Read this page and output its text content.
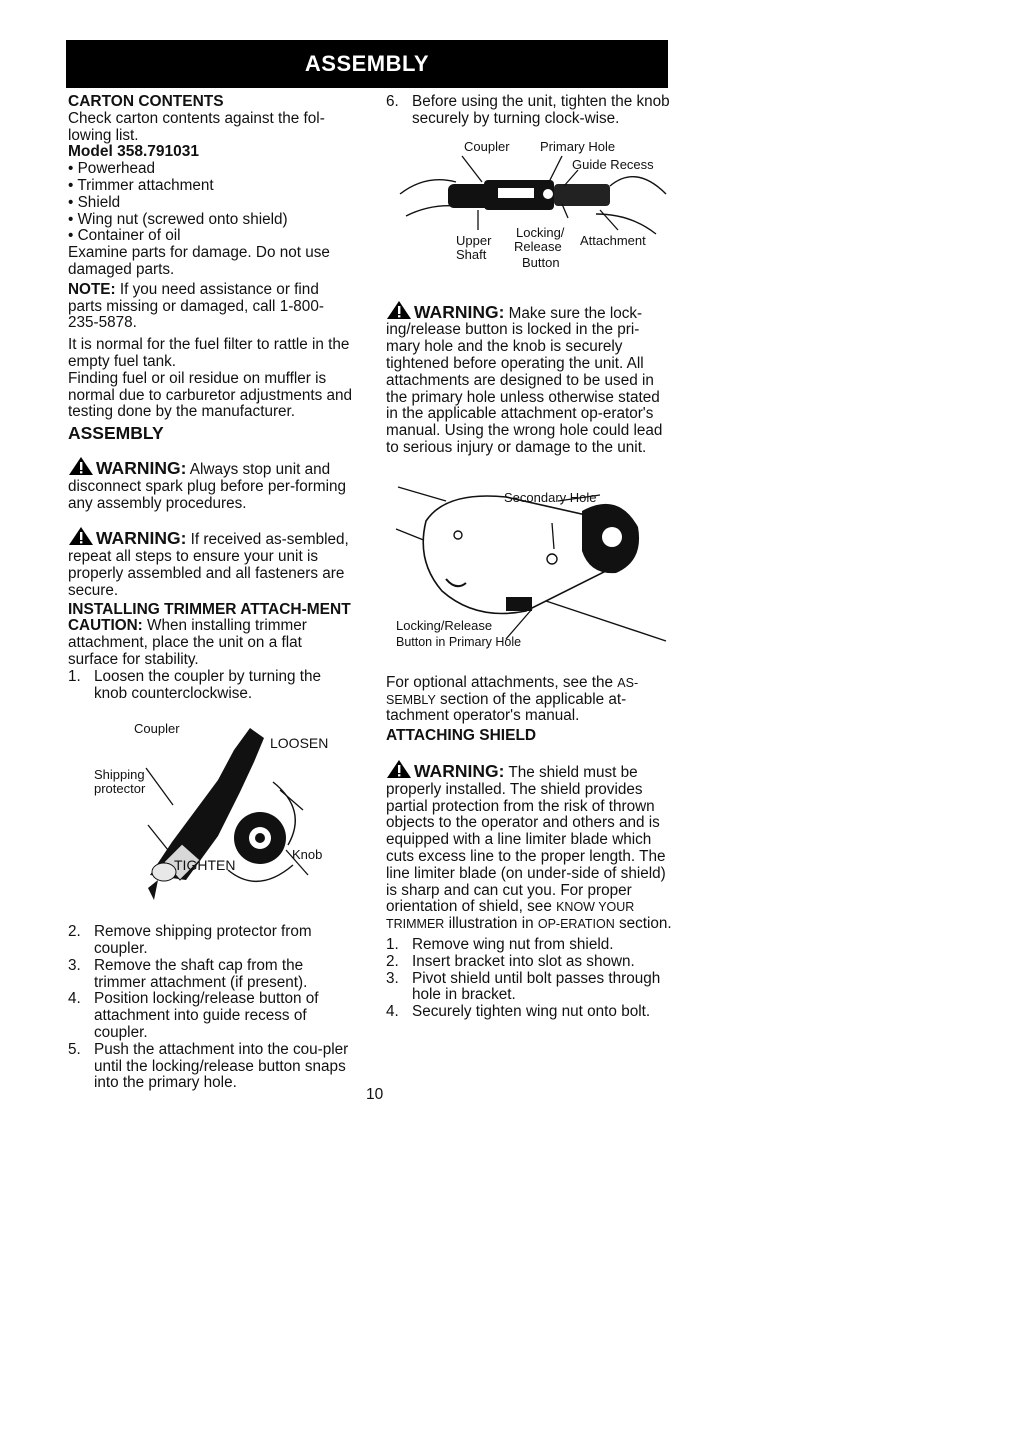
ASSEMBLY

CARTON CONTENTS

Check carton contents against the fol-lowing list.

Model 358.791031

• Powerhead

• Trimmer attachment

• Shield

• Wing nut (screwed onto shield)

• Container of oil

Examine parts for damage. Do not use damaged parts.

NOTE: If you need assistance or find parts missing or damaged, call 1-800-235-5878.

It is normal for the fuel filter to rattle in the empty fuel tank.

Finding fuel or oil residue on muffler is normal due to carburetor adjustments and testing done by the manufacturer.

ASSEMBLY

WARNING: Always stop unit and disconnect spark plug before per-forming any assembly procedures.

WARNING: If received as-sembled, repeat all steps to ensure your unit is properly assembled and all fasteners are secure.

INSTALLING TRIMMER ATTACH-MENT

CAUTION: When installing trimmer attachment, place the unit on a flat surface for stability.

1. Loosen the coupler by turning the knob counterclockwise.
Coupler
LOOSEN
Shipping
protector
Knob
TIGHTEN
2. Remove shipping protector from coupler.
3. Remove the shaft cap from the trimmer attachment (if present).
4. Position locking/release button of attachment into guide recess of coupler.
5. Push the attachment into the cou-pler until the locking/release button snaps into the primary hole.
6. Before using the unit, tighten the knob securely by turning clock-wise.
Coupler Primary Hole
Guide Recess
Upper
Shaft
Locking/
Release
Button
Attachment

WARNING: Make sure the lock-ing/release button is locked in the pri-mary hole and the knob is securely tightened before operating the unit. All attachments are designed to be used in the primary hole unless otherwise stated in the applicable attachment op-erator's manual. Using the wrong hole could lead to serious injury or damage to the unit.

Secondary Hole
Locking/Release
Button in Primary Hole

For optional attachments, see the AS-SEMBLY section of the applicable at-tachment operator's manual.

ATTACHING SHIELD

WARNING: The shield must be properly installed. The shield provides partial protection from the risk of thrown objects to the operator and others and is equipped with a line limiter blade which cuts excess line to the proper length. The line limiter blade (on under-side of shield) is sharp and can cut you. For proper orientation of shield, see KNOW YOUR TRIMMER illustration in OP-ERATION section.

1. Remove wing nut from shield.
2. Insert bracket into slot as shown.
3. Pivot shield until bolt passes through hole in bracket.
4. Securely tighten wing nut onto bolt.
10
